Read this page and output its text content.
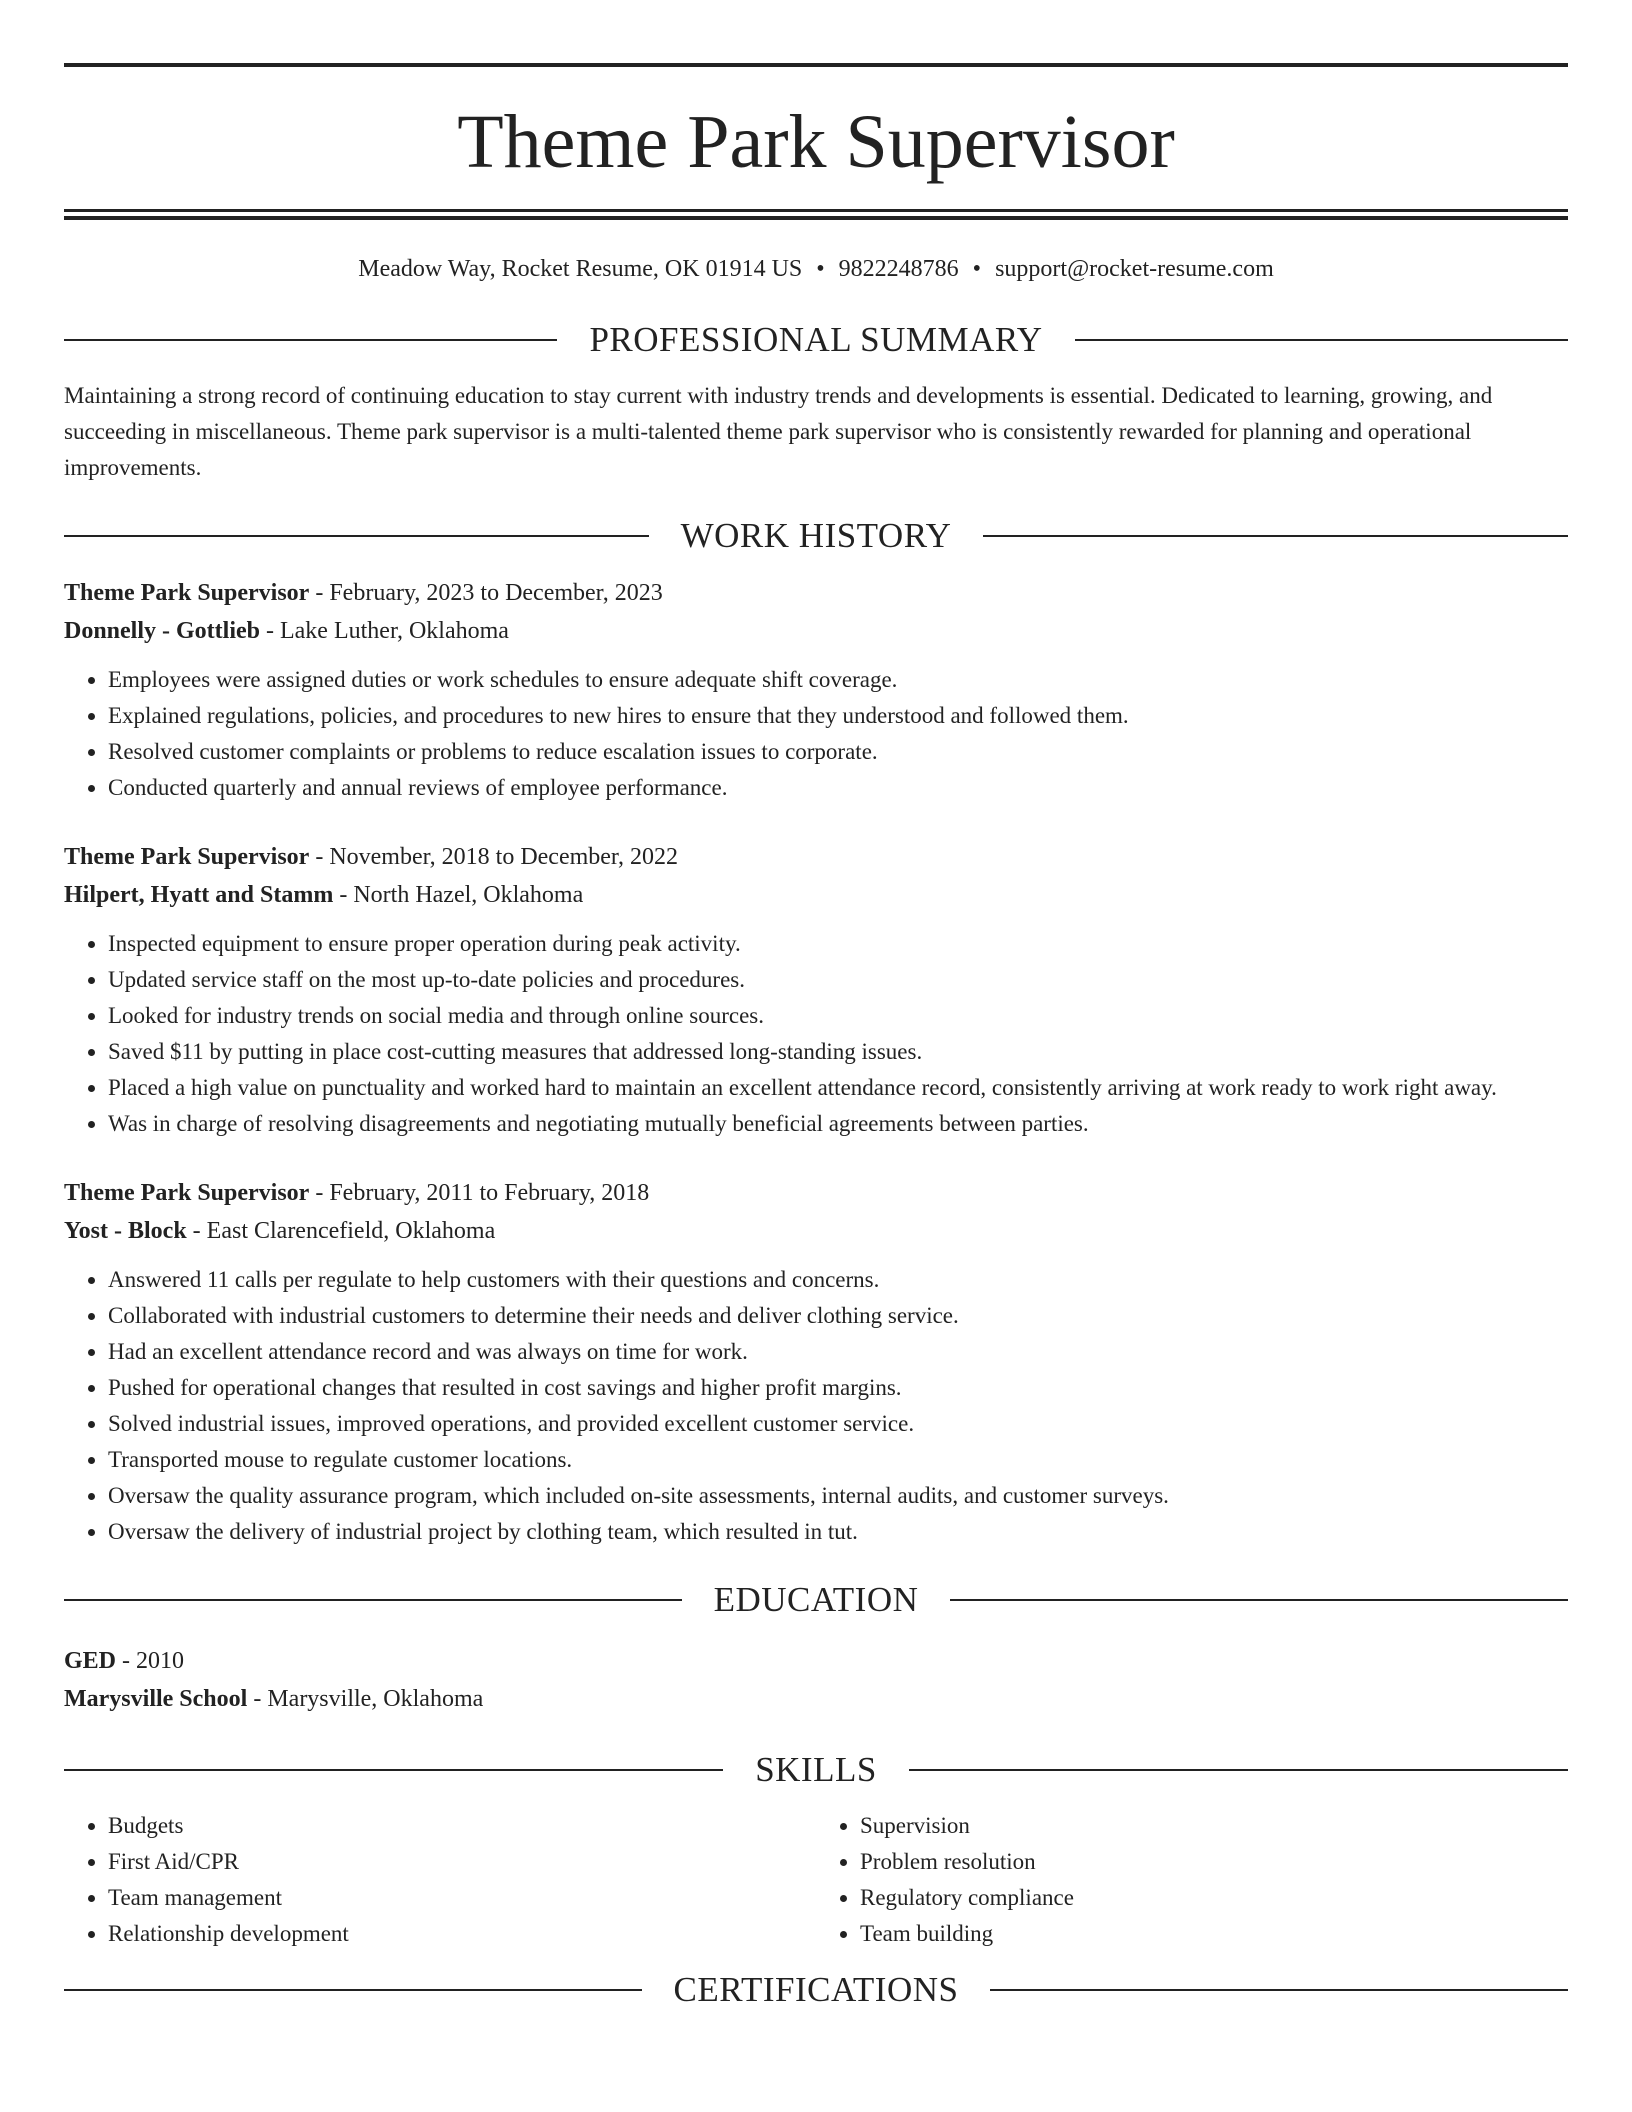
Theme Park Supervisor
Meadow Way, Rocket Resume, OK 01914 US • 9822248786 • support@rocket-resume.com
PROFESSIONAL SUMMARY
Maintaining a strong record of continuing education to stay current with industry trends and developments is essential. Dedicated to learning, growing, and succeeding in miscellaneous. Theme park supervisor is a multi-talented theme park supervisor who is consistently rewarded for planning and operational improvements.
WORK HISTORY
Theme Park Supervisor - February, 2023 to December, 2023
Donnelly - Gottlieb - Lake Luther, Oklahoma
• Employees were assigned duties or work schedules to ensure adequate shift coverage.
• Explained regulations, policies, and procedures to new hires to ensure that they understood and followed them.
• Resolved customer complaints or problems to reduce escalation issues to corporate.
• Conducted quarterly and annual reviews of employee performance.
Theme Park Supervisor - November, 2018 to December, 2022
Hilpert, Hyatt and Stamm - North Hazel, Oklahoma
• Inspected equipment to ensure proper operation during peak activity.
• Updated service staff on the most up-to-date policies and procedures.
• Looked for industry trends on social media and through online sources.
• Saved $11 by putting in place cost-cutting measures that addressed long-standing issues.
• Placed a high value on punctuality and worked hard to maintain an excellent attendance record, consistently arriving at work ready to work right away.
• Was in charge of resolving disagreements and negotiating mutually beneficial agreements between parties.
Theme Park Supervisor - February, 2011 to February, 2018
Yost - Block - East Clarencefield, Oklahoma
• Answered 11 calls per regulate to help customers with their questions and concerns.
• Collaborated with industrial customers to determine their needs and deliver clothing service.
• Had an excellent attendance record and was always on time for work.
• Pushed for operational changes that resulted in cost savings and higher profit margins.
• Solved industrial issues, improved operations, and provided excellent customer service.
• Transported mouse to regulate customer locations.
• Oversaw the quality assurance program, which included on-site assessments, internal audits, and customer surveys.
• Oversaw the delivery of industrial project by clothing team, which resulted in tut.
EDUCATION
GED - 2010
Marysville School - Marysville, Oklahoma
SKILLS
• Budgets
• First Aid/CPR
• Team management
• Relationship development
• Supervision
• Problem resolution
• Regulatory compliance
• Team building
CERTIFICATIONS
